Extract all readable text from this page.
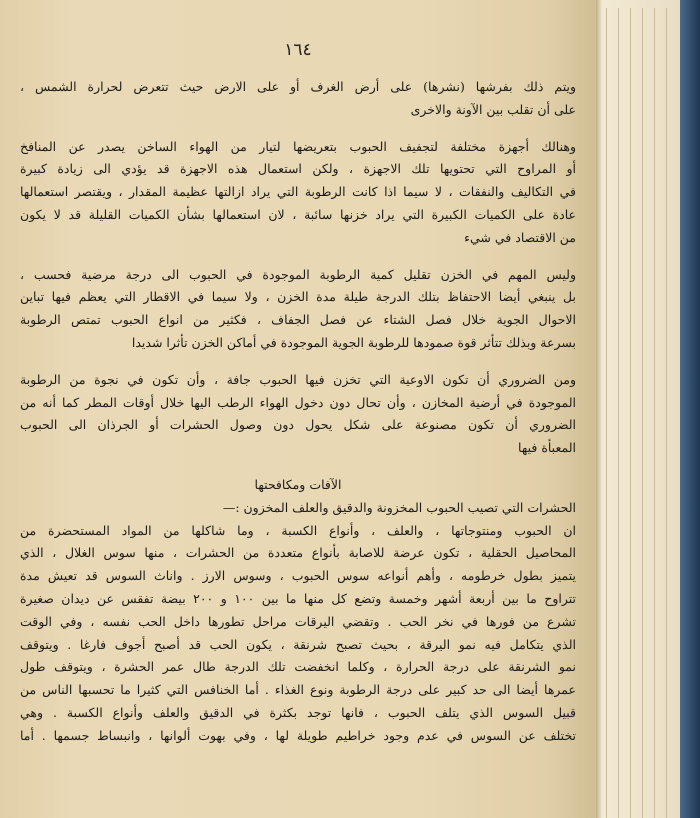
١٦٤
ويتم ذلك بفرشها (نشرها) على أرض الغرف أو على الارض حيث تتعرض لحرارة الشمس ،
على أن تقلب بين الآونة والاخرى
وهنالك أجهزة مختلفة لتجفيف الحبوب بتعريضها لتيار من الهواء الساخن يصدر عن المنافخ
أو المراوح التي تحتويها تلك الاجهزة ، ولكن استعمال هذه الاجهزة قد يؤدي الى زيادة كبيرة
في التكاليف والنفقات ، لا سيما اذا كانت الرطوبة التي يراد ازالتها عظيمة المقدار ، ويقتصر استعمالها
عادة على الكميات الكبيرة التي يراد خزنها سائبة ، لان استعمالها بشأن الكميات القليلة قد لا يكون
من الاقتصاد في شيء
وليس المهم في الخزن تقليل كمية الرطوبة الموجودة في الحبوب الى درجة مرضية فحسب ،
بل ينبغي أيضا الاحتفاظ بتلك الدرجة طيلة مدة الخزن ، ولا سيما في الاقطار التي يعظم فيها تباين
الاحوال الجوية خلال فصل الشتاء عن فصل الجفاف ، فكثير من انواع الحبوب تمتص الرطوبة
بسرعة وبذلك تتأثر قوة صمودها للرطوبة الجوية الموجودة في أماكن الخزن تأثرا شديدا
ومن الضروري أن تكون الاوعية التي تخزن فيها الحبوب جافة ، وأن تكون في نجوة من الرطوبة
الموجودة في أرضية المخازن ، وأن تحال دون دخول الهواء الرطب اليها خلال أوقات المطر كما أنه من
الضروري أن تكون مصنوعة على شكل يحول دون وصول الحشرات أو الجرذان الى الحبوب
المعبأة فيها
الآفات ومكافحتها
الحشرات التي تصيب الحبوب المخزونة والدقيق والعلف المخزون :—
ان الحبوب ومنتوجاتها ، والعلف ، وأنواع الكسبة ، وما شاكلها من المواد المستحضرة من
المحاصيل الحقلية ، تكون عرضة للاصابة بأنواع متعددة من الحشرات ، منها سوس الغلال ، الذي
يتميز بطول خرطومه ، وأهم أنواعه سوس الحبوب ، وسوس الارز . واناث السوس قد تعيش مدة
تتراوح ما بين أربعة أشهر وخمسة وتضع كل منها ما بين ١٠٠ و ٢٠٠ بيضة تفقس عن ديدان صغيرة
تشرع من فورها في نخر الحب . وتقضي اليرقات مراحل تطورها داخل الحب نفسه ، وفي الوقت
الذي يتكامل فيه نمو اليرقة ، بحيث تصبح شرنقة ، يكون الحب قد أصبح أجوف فارغا . ويتوقف
نمو الشرنقة على درجة الحرارة ، وكلما انخفضت تلك الدرجة طال عمر الحشرة ، ويتوقف طول
عمرها أيضا الى حد كبير على درجة الرطوبة ونوع الغذاء . أما الخنافس التي كثيرا ما تحسبها الناس من
قبيل السوس الذي يتلف الحبوب ، فانها توجد بكثرة في الدقيق والعلف وأنواع الكسبة . وهي
تختلف عن السوس في عدم وجود خراطيم طويلة لها ، وفي بهوت ألوانها ، وانبساط جسمها . أما
